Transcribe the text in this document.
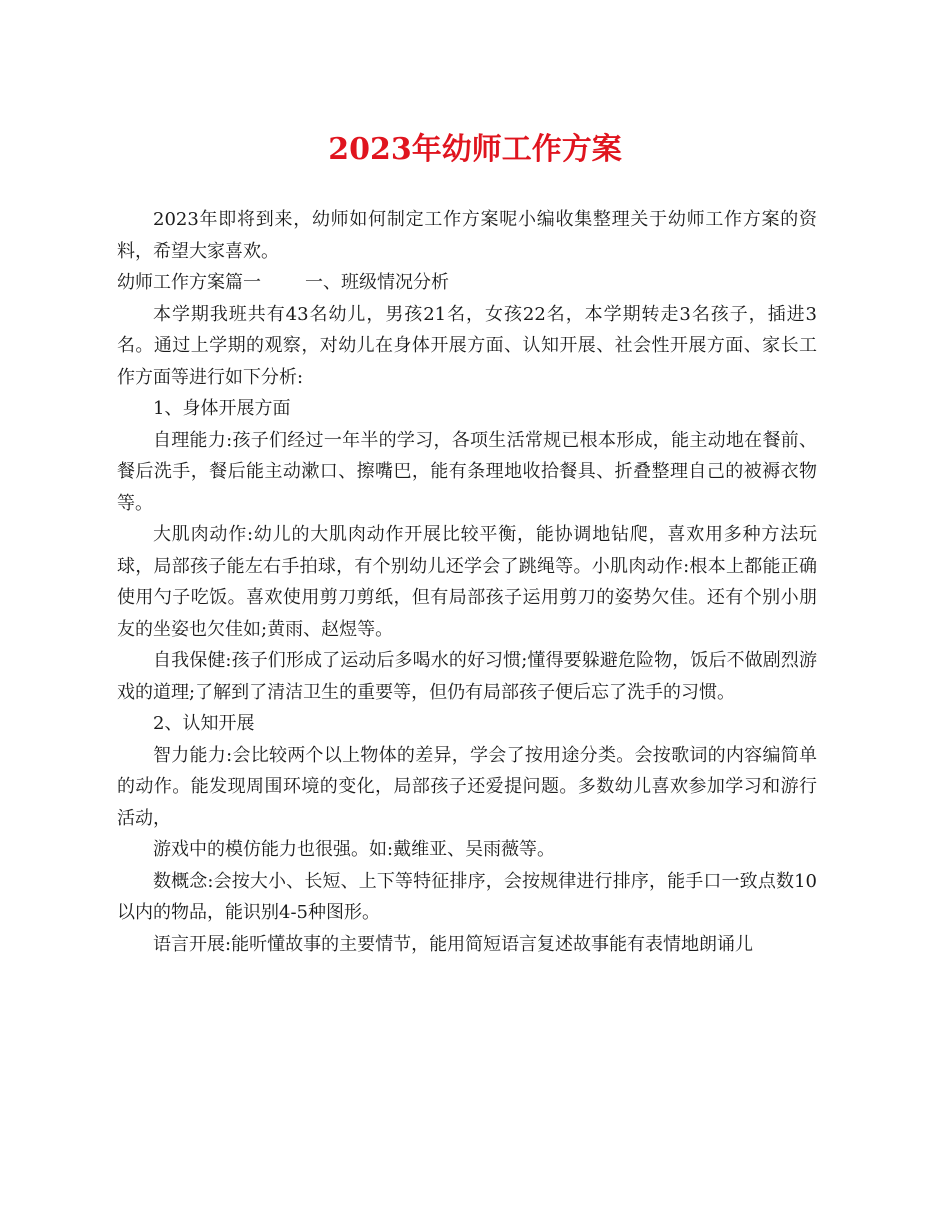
2023年幼师工作方案

2023年即将到来，幼师如何制定工作方案呢小编收集整理关于幼师工作方案的资料，希望大家喜欢。

幼师工作方案篇一 一、班级情况分析

本学期我班共有43名幼儿，男孩21名，女孩22名，本学期转走3名孩子，插进3名。通过上学期的观察，对幼儿在身体开展方面、认知开展、社会性开展方面、家长工作方面等进行如下分析:

1、身体开展方面

自理能力:孩子们经过一年半的学习，各项生活常规已根本形成，能主动地在餐前、餐后洗手，餐后能主动漱口、擦嘴巴，能有条理地收拾餐具、折叠整理自己的被褥衣物等。

大肌肉动作:幼儿的大肌肉动作开展比较平衡，能协调地钻爬，喜欢用多种方法玩球，局部孩子能左右手拍球，有个别幼儿还学会了跳绳等。小肌肉动作:根本上都能正确使用勺子吃饭。喜欢使用剪刀剪纸，但有局部孩子运用剪刀的姿势欠佳。还有个别小朋友的坐姿也欠佳如;黄雨、赵煜等。

自我保健:孩子们形成了运动后多喝水的好习惯;懂得要躲避危险物，饭后不做剧烈游戏的道理;了解到了清洁卫生的重要等，但仍有局部孩子便后忘了洗手的习惯。

2、认知开展

智力能力:会比较两个以上物体的差异，学会了按用途分类。会按歌词的内容编简单的动作。能发现周围环境的变化，局部孩子还爱提问题。多数幼儿喜欢参加学习和游行活动，

游戏中的模仿能力也很强。如:戴维亚、吴雨薇等。

数概念:会按大小、长短、上下等特征排序，会按规律进行排序，能手口一致点数10以内的物品，能识别4-5种图形。

语言开展:能听懂故事的主要情节，能用简短语言复述故事能有表情地朗诵儿
